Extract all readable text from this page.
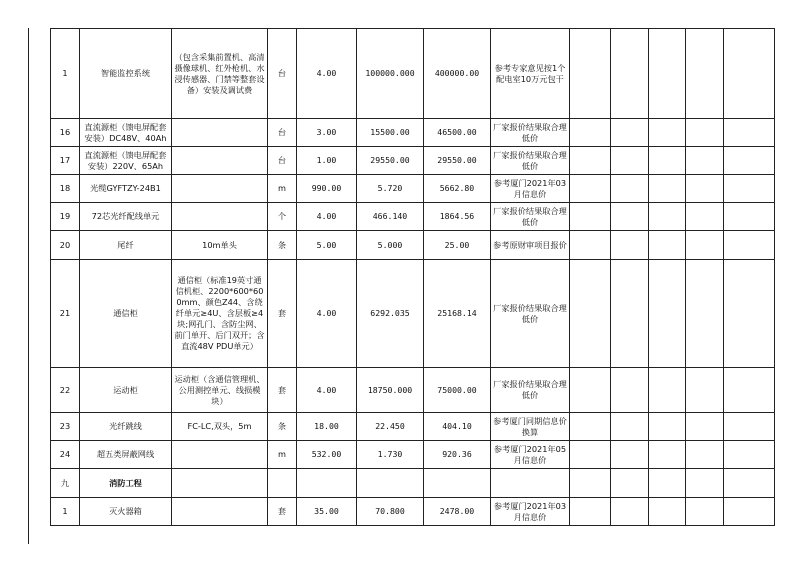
1	智能监控系统	（包含采集前置机、高清摄像球机、红外枪机、水浸传感器、门禁等整套设备）安装及调试费	台	4.00	100000.000	400000.00	参考专家意见按1个配电室10万元包干					
16	直流源柜（馈电屏配套安装）DC48V、40Ah		台	3.00	15500.00	46500.00	厂家报价结果取合理低价					
17	直流源柜（馈电屏配套安装）220V、65Ah		台	1.00	29550.00	29550.00	厂家报价结果取合理低价					
18	光缆GYFTZY-24B1		m	990.00	5.720	5662.80	参考厦门2021年03月信息价					
19	72芯光纤配线单元		个	4.00	466.140	1864.56	厂家报价结果取合理低价					
20	尾纤	10m单头	条	5.00	5.000	25.00	参考原财审项目报价					
21	通信柜	通信柜（标准19英寸通信机柜、2200*600*600mm、颜色Z44、含绕纤单元≥4U、含层板≥4块;网孔门、含防尘网、前门单开、后门双开；含直流48V PDU单元）	套	4.00	6292.035	25168.14	厂家报价结果取合理低价					
22	运动柜	运动柜（含通信管理机、公用测控单元、线损模块）	套	4.00	18750.000	75000.00	厂家报价结果取合理低价					
23	光纤跳线	FC-LC,双头，5m	条	18.00	22.450	404.10	参考厦门同期信息价换算					
24	超五类屏蔽网线		m	532.00	1.730	920.36	参考厦门2021年05月信息价					
九	消防工程											
1	灭火器箱		套	35.00	70.800	2478.00	参考厦门2021年03月信息价					
